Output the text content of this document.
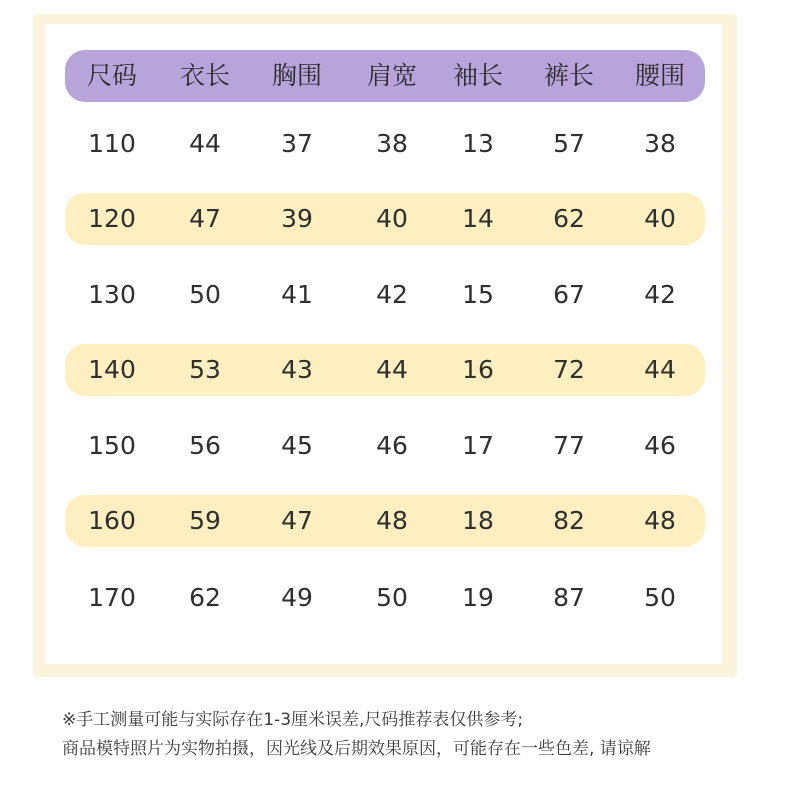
尺码	衣长	胸围	肩宽	袖长	裤长	腰围
110	44	37	38	13	57	38
120	47	39	40	14	62	40
130	50	41	42	15	67	42
140	53	43	44	16	72	44
150	56	45	46	17	77	46
160	59	47	48	18	82	48
170	62	49	50	19	87	50
※手工测量可能与实际存在1-3厘米误差,尺码推荐表仅供参考;
商品模特照片为实物拍摄，因光线及后期效果原因，可能存在一些色差, 请谅解
